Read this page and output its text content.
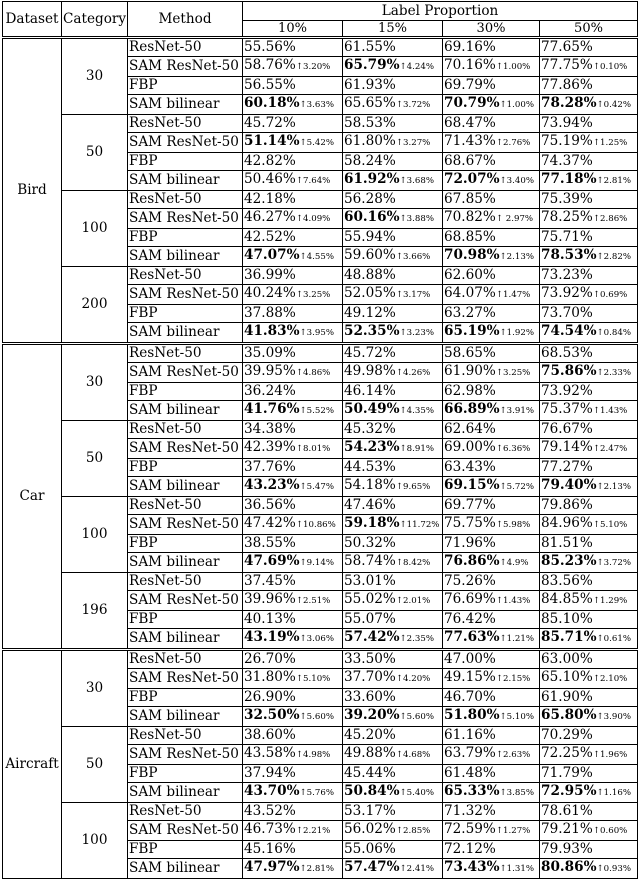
Dataset	Category	Method	Label Proportion			
			10%	15%	30%	50%
Bird	30	ResNet-50	55.56%	61.55%	69.16%	77.65%
		SAM ResNet-50	58.76%↑3.20%	65.79%↑4.24%	70.16%↑1.00%	77.75%↑0.10%
		FBP	56.55%	61.93%	69.79%	77.86%
		SAM bilinear	60.18%↑3.63%	65.65%↑3.72%	70.79%↑1.00%	78.28%↑0.42%
	50	ResNet-50	45.72%	58.53%	68.47%	73.94%
		SAM ResNet-50	51.14%↑5.42%	61.80%↑3.27%	71.43%↑2.76%	75.19%↑1.25%
		FBP	42.82%	58.24%	68.67%	74.37%
		SAM bilinear	50.46%↑7.64%	61.92%↑3.68%	72.07%↑3.40%	77.18%↑2.81%
	100	ResNet-50	42.18%	56.28%	67.85%	75.39%
		SAM ResNet-50	46.27%↑4.09%	60.16%↑3.88%	70.82%↑ 2.97%	78.25%↑2.86%
		FBP	42.52%	55.94%	68.85%	75.71%
		SAM bilinear	47.07%↑4.55%	59.60%↑3.66%	70.98%↑2.13%	78.53%↑2.82%
	200	ResNet-50	36.99%	48.88%	62.60%	73.23%
		SAM ResNet-50	40.24%↑3.25%	52.05%↑3.17%	64.07%↑1.47%	73.92%↑0.69%
		FBP	37.88%	49.12%	63.27%	73.70%
		SAM bilinear	41.83%↑3.95%	52.35%↑3.23%	65.19%↑1.92%	74.54%↑0.84%
Car	30	ResNet-50	35.09%	45.72%	58.65%	68.53%
		SAM ResNet-50	39.95%↑4.86%	49.98%↑4.26%	61.90%↑3.25%	75.86%↑2.33%
		FBP	36.24%	46.14%	62.98%	73.92%
		SAM bilinear	41.76%↑5.52%	50.49%↑4.35%	66.89%↑3.91%	75.37%↑1.43%
	50	ResNet-50	34.38%	45.32%	62.64%	76.67%
		SAM ResNet-50	42.39%↑8.01%	54.23%↑8.91%	69.00%↑6.36%	79.14%↑2.47%
		FBP	37.76%	44.53%	63.43%	77.27%
		SAM bilinear	43.23%↑5.47%	54.18%↑9.65%	69.15%↑5.72%	79.40%↑2.13%
	100	ResNet-50	36.56%	47.46%	69.77%	79.86%
		SAM ResNet-50	47.42%↑10.86%	59.18%↑11.72%	75.75%↑5.98%	84.96%↑5.10%
		FBP	38.55%	50.32%	71.96%	81.51%
		SAM bilinear	47.69%↑9.14%	58.74%↑8.42%	76.86%↑4.9%	85.23%↑3.72%
	196	ResNet-50	37.45%	53.01%	75.26%	83.56%
		SAM ResNet-50	39.96%↑2.51%	55.02%↑2.01%	76.69%↑1.43%	84.85%↑1.29%
		FBP	40.13%	55.07%	76.42%	85.10%
		SAM bilinear	43.19%↑3.06%	57.42%↑2.35%	77.63%↑1.21%	85.71%↑0.61%
Aircraft	30	ResNet-50	26.70%	33.50%	47.00%	63.00%
		SAM ResNet-50	31.80%↑5.10%	37.70%↑4.20%	49.15%↑2.15%	65.10%↑2.10%
		FBP	26.90%	33.60%	46.70%	61.90%
		SAM bilinear	32.50%↑5.60%	39.20%↑5.60%	51.80%↑5.10%	65.80%↑3.90%
	50	ResNet-50	38.60%	45.20%	61.16%	70.29%
		SAM ResNet-50	43.58%↑4.98%	49.88%↑4.68%	63.79%↑2.63%	72.25%↑1.96%
		FBP	37.94%	45.44%	61.48%	71.79%
		SAM bilinear	43.70%↑5.76%	50.84%↑5.40%	65.33%↑3.85%	72.95%↑1.16%
	100	ResNet-50	43.52%	53.17%	71.32%	78.61%
		SAM ResNet-50	46.73%↑2.21%	56.02%↑2.85%	72.59%↑1.27%	79.21%↑0.60%
		FBP	45.16%	55.06%	72.12%	79.93%
		SAM bilinear	47.97%↑2.81%	57.47%↑2.41%	73.43%↑1.31%	80.86%↑0.93%
